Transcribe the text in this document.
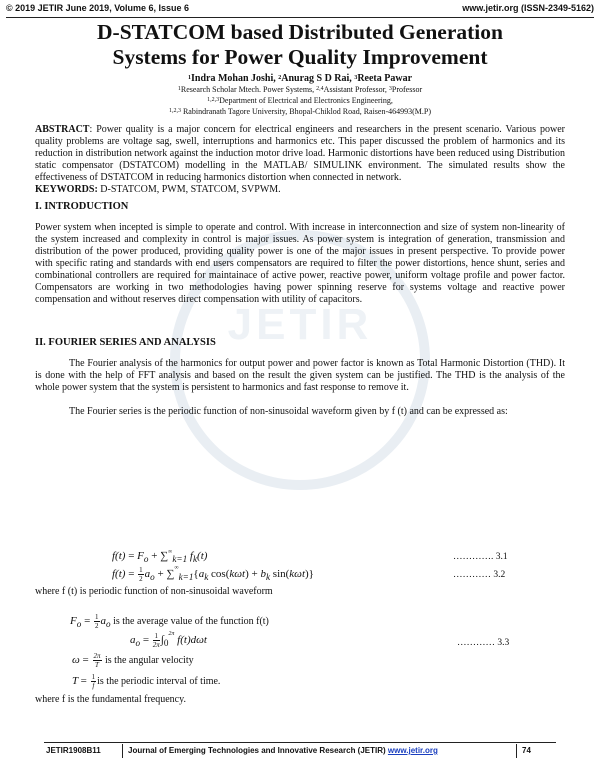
JETIR
© 2019 JETIR June 2019, Volume 6, Issue 6	www.jetir.org (ISSN-2349-5162)
D-STATCOM based Distributed Generation
Systems for Power Quality Improvement
$^1$Indra Mohan Joshi, $^2$Anurag S D Rai, $^3$Reeta Pawar
$^1$Research Scholar Mtech. Power Systems, $^{2,4}$Assistant Professor, $^3$Professor
$^{1,2,3}$Department of Electrical and Electronics Engineering,
$^{1,2,3}$ Rabindranath Tagore University, Bhopal-Chiklod Road, Raisen-464993(M.P)
ABSTRACT: Power quality is a major concern for electrical engineers and researchers in the present scenario. Various power quality problems are voltage sag, swell, interruptions and harmonics etc. This paper discussed the problem of harmonics and its reduction in distribution network against the induction motor drive load. Harmonic distortions have been reduced using Distribution static compensator (DSTATCOM) modelling in the MATLAB/ SIMULINK environment. The simulated results show the effectiveness of DSTATCOM in reducing harmonics distortion when connected in network.
KEYWORDS: D-STATCOM, PWM, STATCOM, SVPWM.
I. INTRODUCTION
Power system when incepted is simple to operate and control. With increase in interconnection and size of system non-linearity of the system increased and complexity in control is major issues. As power system is integration of generation, transmission and distribution of the power produced, providing quality power is one of the major issues in present perspective. To provide power with specific rating and standards with end users compensators are required to filter the power distortions, hence shunt, series and combinational controllers are required for maintainace of active power, reactive power, uniform voltage profile and power factor. Compensators are working in two methodologies having power spinning reserve for systems voltage and reactive power compensation and without reserves direct compensation with utility of capacitors.
II. FOURIER SERIES AND ANALYSIS
The Fourier analysis of the harmonics for output power and power factor is known as Total Harmonic Distortion (THD). It is done with the help of FFT analysis and based on the result the given system can be justified. The THD is the analysis of the whole power system that the system is persistent to harmonics and fast response to remove it.
The Fourier series is the periodic function of non-sinusoidal waveform given by f (t) and can be expressed as:
$f(t) = F_o + \sum^\infty_{k=1}$ $f_k(t)$	…………. 3.1
$f(t) = \frac{1}{2} a_o + \sum^\infty_{k=1}\{a_k$ $\cos(k\omega t) + b_k$ sin(kωt)}	………… 3.2
where f (t) is periodic function of non-sinusoidal waveform
$F_o = \frac{1}{2} a_o$ is the average value of the function f(t)
$a_o = \frac{1}{2\pi} \int_0^{2\pi}$ f(t)dωt	………… 3.3
$\omega = \frac{2\pi}{T}$ is the angular velocity
$T = \frac{1}{f}$ is the periodic interval of time.
where f is the fundamental frequency.
JETIR1908B11	Journal of Emerging Technologies and Innovative Research (JETIR) www.jetir.org	74
